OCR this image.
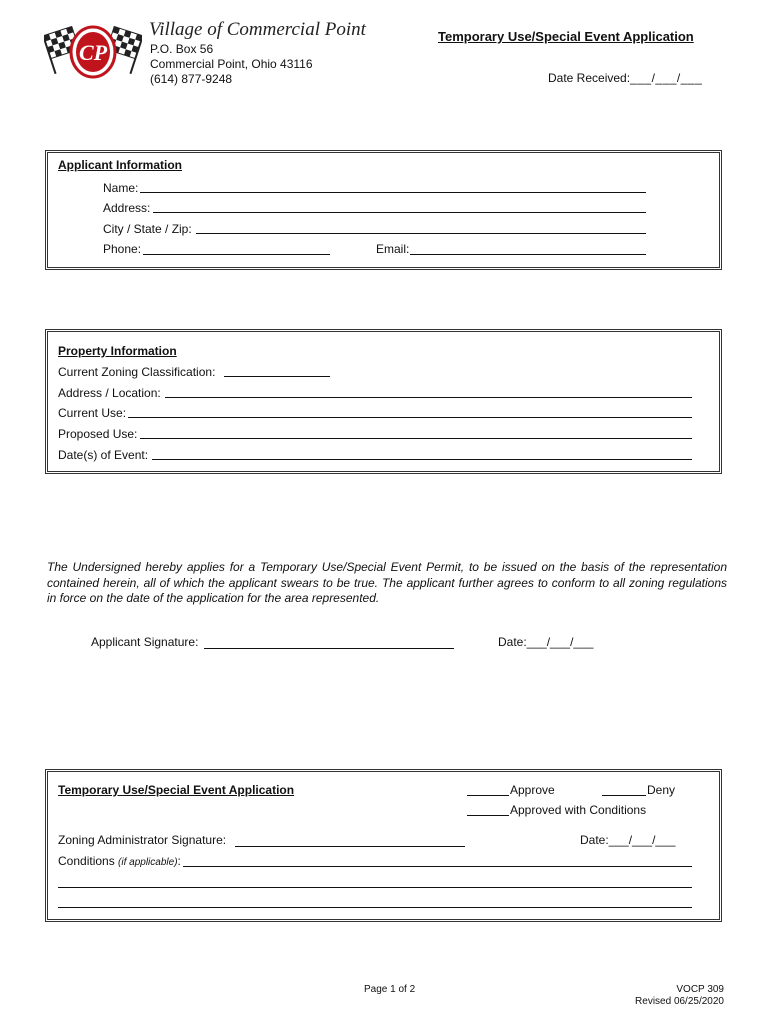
CP
Village of Commercial Point
P.O. Box 56
Commercial Point, Ohio 43116
(614) 877-9248
Temporary Use/Special Event Application
Date Received:___/___/___
Applicant Information
Name:
Address:
City / State / Zip:
Phone:	Email:
Property Information
Current Zoning Classification:
Address / Location:
Current Use:
Proposed Use:
Date(s) of Event:
The Undersigned hereby applies for a Temporary Use/Special Event Permit, to be issued on the basis of the representation contained herein, all of which the applicant swears to be true. The applicant further agrees to conform to all zoning regulations in force on the date of the application for the area represented.
Applicant Signature:	Date:___/___/___
Temporary Use/Special Event Application	Approve	Deny
Approved with Conditions
Zoning Administrator Signature:	Date:___/___/___
Conditions (if applicable):
Page 1 of 2	VOCP 309
Revised 06/25/2020
